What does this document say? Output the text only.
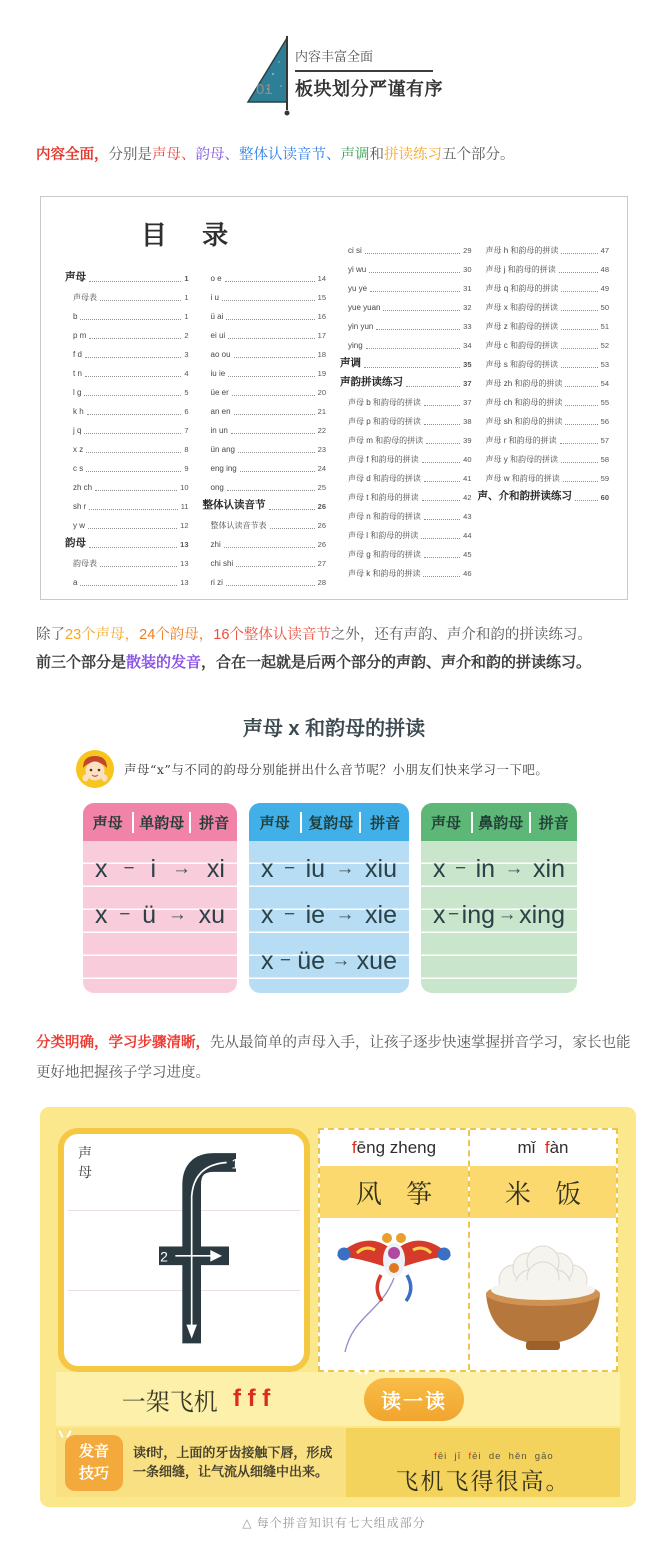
01
内容丰富全面
板块划分严谨有序
内容全面，分别是声母、韵母、整体认读音节、声调和拼读练习五个部分。
目 录
声母	1
声母表	1
b	1
p m	2
f d	3
t n	4
l g	5
k h	6
j q	7
x z	8
c s	9
zh ch	10
sh r	11
y w	12
韵母	13
韵母表	13
a	13
o e	14
i u	15
ü ai	16
ei ui	17
ao ou	18
iu ie	19
üe er	20
an en	21
in un	22
ün ang	23
eng ing	24
ong	25
整体认读音节	26
整体认读音节表	26
zhi	26
chi shi	27
ri zi	28
ci si	29
yi wu	30
yu ye	31
yue yuan	32
yin yun	33
ying	34
声调	35
声韵拼读练习	37
声母 b 和韵母的拼读	37
声母 p 和韵母的拼读	38
声母 m 和韵母的拼读	39
声母 f 和韵母的拼读	40
声母 d 和韵母的拼读	41
声母 t 和韵母的拼读	42
声母 n 和韵母的拼读	43
声母 l 和韵母的拼读	44
声母 g 和韵母的拼读	45
声母 k 和韵母的拼读	46
声母 h 和韵母的拼读	47
声母 j 和韵母的拼读	48
声母 q 和韵母的拼读	49
声母 x 和韵母的拼读	50
声母 z 和韵母的拼读	51
声母 c 和韵母的拼读	52
声母 s 和韵母的拼读	53
声母 zh 和韵母的拼读	54
声母 ch 和韵母的拼读	55
声母 sh 和韵母的拼读	56
声母 r 和韵母的拼读	57
声母 y 和韵母的拼读	58
声母 w 和韵母的拼读	59
声、介和韵拼读练习	60
除了23个声母，24个韵母，16个整体认读音节之外，还有声韵、声介和韵的拼读练习。
前三个部分是散装的发音，合在一起就是后两个部分的声韵、声介和韵的拼读练习。
声母 x 和韵母的拼读
声母“x”与不同的韵母分别能拼出什么音节呢？小朋友们快来学习一下吧。
声母	单韵母 拼音
x − i → xi
x − ü → xu
声母	复韵母	拼音
x − iu → xiu
x − ie → xie
x − üe → xue
声母	鼻韵母	拼音
x − in → xin
x − ing → xing
分类明确，学习步骤清晰，先从最简单的声母入手，让孩子逐步快速掌握拼音学习，家长也能更好地把握孩子学习进度。
声母
1
2
f ēng zheng
风 筝
mǐ f àn
米 饭
一架飞机 f f f	读一读
发音
技巧
读f时，上面的牙齿接触下唇，形成一条细缝，让气流从细缝中出来。

fēi  jī  fēi  de  hěn  gāo
飞机飞得很高。
△ 每个拼音知识有七大组成部分
